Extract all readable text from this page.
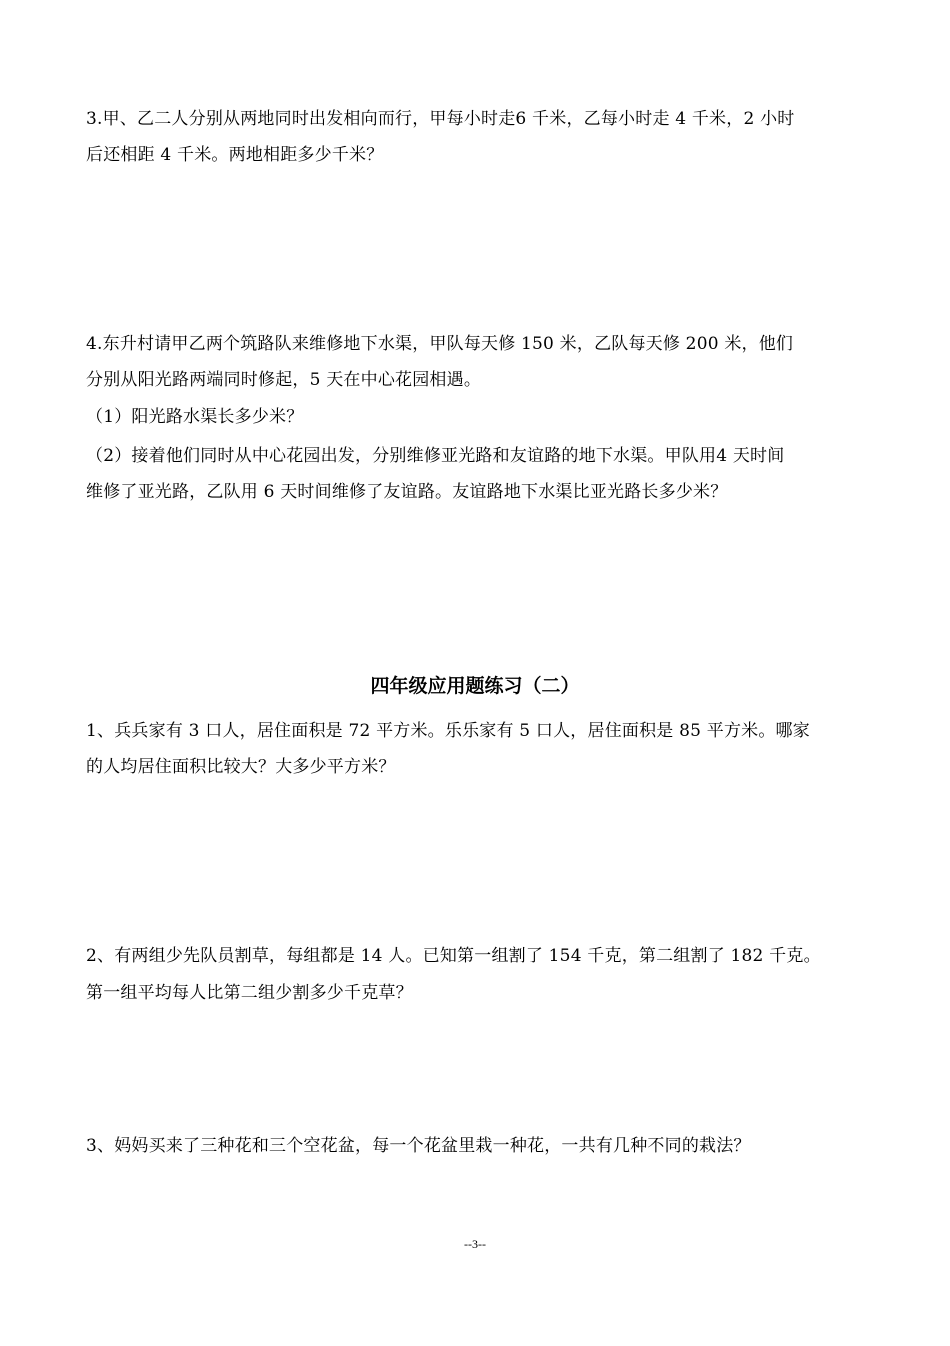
3.甲、乙二人分别从两地同时出发相向而行，甲每小时走6 千米，乙每小时走 4 千米，2 小时
后还相距 4 千米。两地相距多少千米？
4.东升村请甲乙两个筑路队来维修地下水渠，甲队每天修 150 米，乙队每天修 200 米，他们
分别从阳光路两端同时修起，5 天在中心花园相遇。
（1）阳光路水渠长多少米？
（2）接着他们同时从中心花园出发，分别维修亚光路和友谊路的地下水渠。甲队用4 天时间
维修了亚光路，乙队用 6 天时间维修了友谊路。友谊路地下水渠比亚光路长多少米？
四年级应用题练习（二）
1、兵兵家有 3 口人，居住面积是 72 平方米。乐乐家有 5 口人，居住面积是 85 平方米。哪家
的人均居住面积比较大？大多少平方米？
2、有两组少先队员割草，每组都是 14 人。已知第一组割了 154 千克，第二组割了 182 千克。
第一组平均每人比第二组少割多少千克草？
3、妈妈买来了三种花和三个空花盆，每一个花盆里栽一种花，一共有几种不同的栽法？
--3--
